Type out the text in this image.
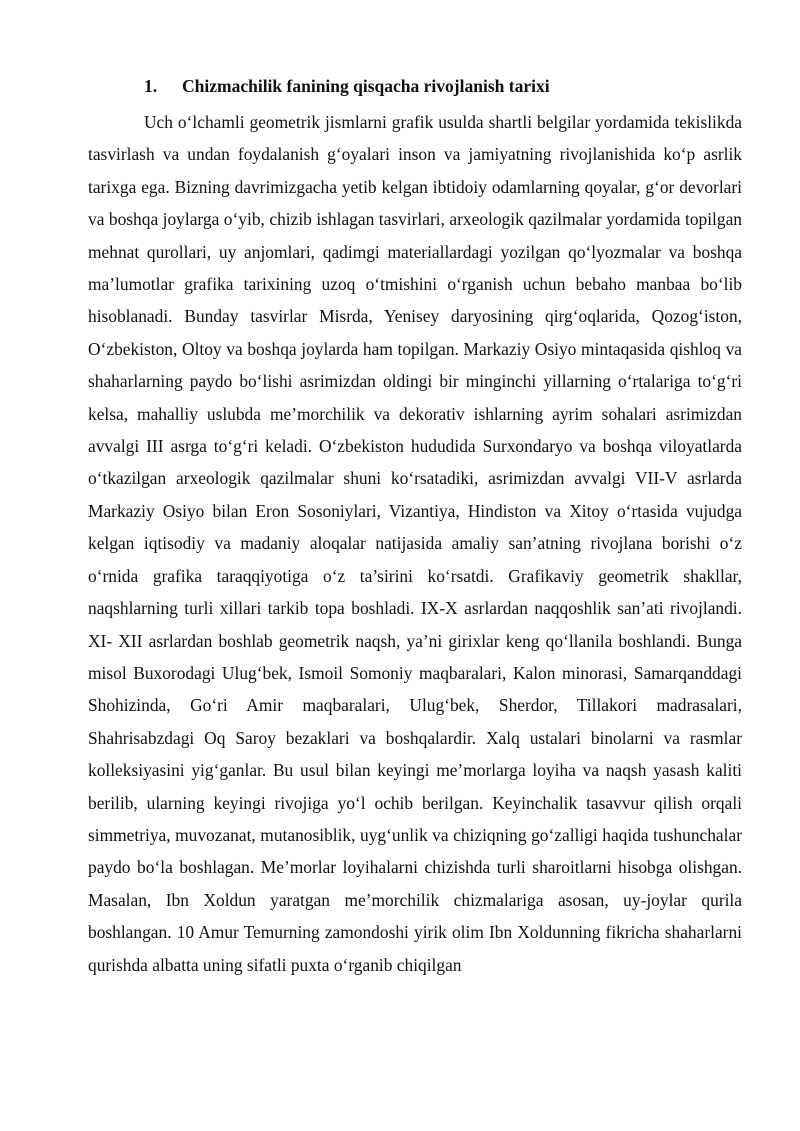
1.	Chizmachilik fanining qisqacha rivojlanish tarixi

Uch o‘lchamli geometrik jismlarni grafik usulda shartli belgilar yordamida tekislikda tasvirlash va undan foydalanish g‘oyalari inson va jamiyatning rivojlanishida ko‘p asrlik tarixga ega. Bizning davrimizgacha yetib kelgan ibtidoiy odamlarning qoyalar, g‘or devorlari va boshqa joylarga o‘yib, chizib ishlagan tasvirlari, arxeologik qazilmalar yordamida topilgan mehnat qurollari, uy anjomlari, qadimgi materiallardagi yozilgan qo‘lyozmalar va boshqa ma’lumotlar grafika tarixining uzoq o‘tmishini o‘rganish uchun bebaho manbaa bo‘lib hisoblanadi. Bunday tasvirlar Misrda, Yenisey daryosining qirg‘oqlarida, Qozog‘iston, O‘zbekiston, Oltoy va boshqa joylarda ham topilgan. Markaziy Osiyo mintaqasida qishloq va shaharlarning paydo bo‘lishi asrimizdan oldingi bir minginchi yillarning o‘rtalariga to‘g‘ri kelsa, mahalliy uslubda me’morchilik va dekorativ ishlarning ayrim sohalari asrimizdan avvalgi III asrga to‘g‘ri keladi. O‘zbekiston hududida Surxondaryo va boshqa viloyatlarda o‘tkazilgan arxeologik qazilmalar shuni ko‘rsatadiki, asrimizdan avvalgi VII-V asrlarda Markaziy Osiyo bilan Eron Sosoniylari, Vizantiya, Hindiston va Xitoy o‘rtasida vujudga kelgan iqtisodiy va madaniy aloqalar natijasida amaliy san’atning rivojlana borishi o‘z o‘rnida grafika taraqqiyotiga o‘z ta’sirini ko‘rsatdi. Grafikaviy geometrik shakllar, naqshlarning turli xillari tarkib topa boshladi. IX-X asrlardan naqqoshlik san’ati rivojlandi. XI- XII asrlardan boshlab geometrik naqsh, ya’ni girixlar keng qo‘llanila boshlandi. Bunga misol Buxorodagi Ulug‘bek, Ismoil Somoniy maqbaralari, Kalon minorasi, Samarqanddagi Shohizinda, Go‘ri Amir maqbaralari, Ulug‘bek, Sherdor, Tillakori madrasalari, Shahrisabzdagi Oq Saroy bezaklari va boshqalardir. Xalq ustalari binolarni va rasmlar kolleksiyasini yig‘ganlar. Bu usul bilan keyingi me’morlarga loyiha va naqsh yasash kaliti berilib, ularning keyingi rivojiga yo‘l ochib berilgan. Keyinchalik tasavvur qilish orqali simmetriya, muvozanat, mutanosiblik, uyg‘unlik va chiziqning go‘zalligi haqida tushunchalar paydo bo‘la boshlagan. Me’morlar loyihalarni chizishda turli sharoitlarni hisobga olishgan. Masalan, Ibn Xoldun yaratgan me’morchilik chizmalariga asosan, uy-joylar qurila boshlangan. 10 Amur Temurning zamondoshi yirik olim Ibn Xoldunning fikricha shaharlarni qurishda albatta uning sifatli puxta o‘rganib chiqilgan
